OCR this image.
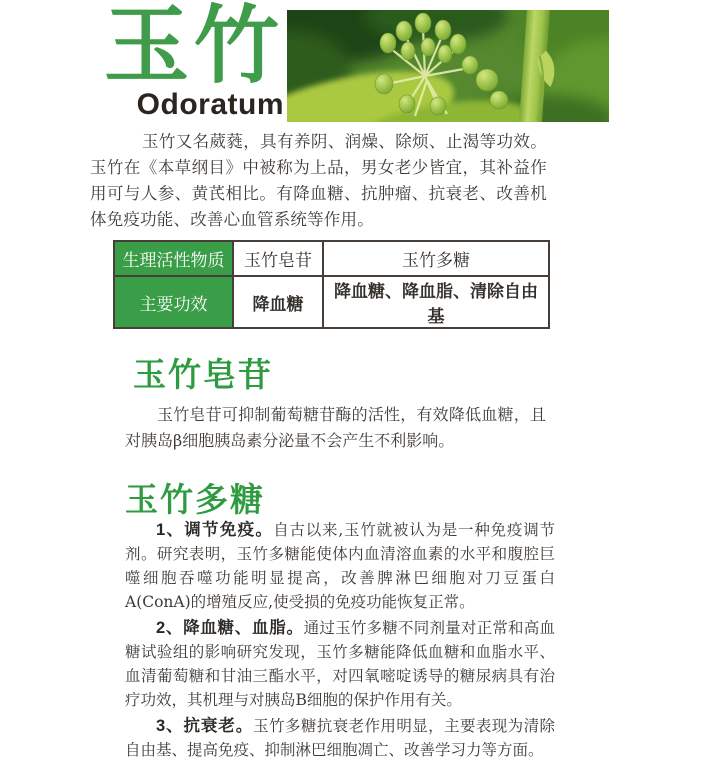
玉竹
Odoratum

玉竹又名葳蕤，具有养阴、润燥、除烦、止渴等功效。玉竹在《本草纲目》中被称为上品，男女老少皆宜，其补益作用可与人参、黄芪相比。有降血糖、抗肿瘤、抗衰老、改善机体免疫功能、改善心血管系统等作用。

生理活性物质	玉竹皂苷	玉竹多糖
主要功效	降血糖	降血糖、降血脂、清除自由基
玉竹皂苷

玉竹皂苷可抑制葡萄糖苷酶的活性，有效降低血糖，且对胰岛β细胞胰岛素分泌量不会产生不利影响。

玉竹多糖

1、调节免疫。自古以来,玉竹就被认为是一种免疫调节剂。研究表明，玉竹多糖能使体内血清溶血素的水平和腹腔巨噬细胞吞噬功能明显提高，改善脾淋巴细胞对刀豆蛋白A(ConA)的增殖反应,使受损的免疫功能恢复正常。

2、降血糖、血脂。通过玉竹多糖不同剂量对正常和高血糖试验组的影响研究发现，玉竹多糖能降低血糖和血脂水平、血清葡萄糖和甘油三酯水平，对四氧嘧啶诱导的糖尿病具有治疗功效，其机理与对胰岛B细胞的保护作用有关。

3、抗衰老。玉竹多糖抗衰老作用明显，主要表现为清除自由基、提高免疫、抑制淋巴细胞凋亡、改善学习力等方面。
